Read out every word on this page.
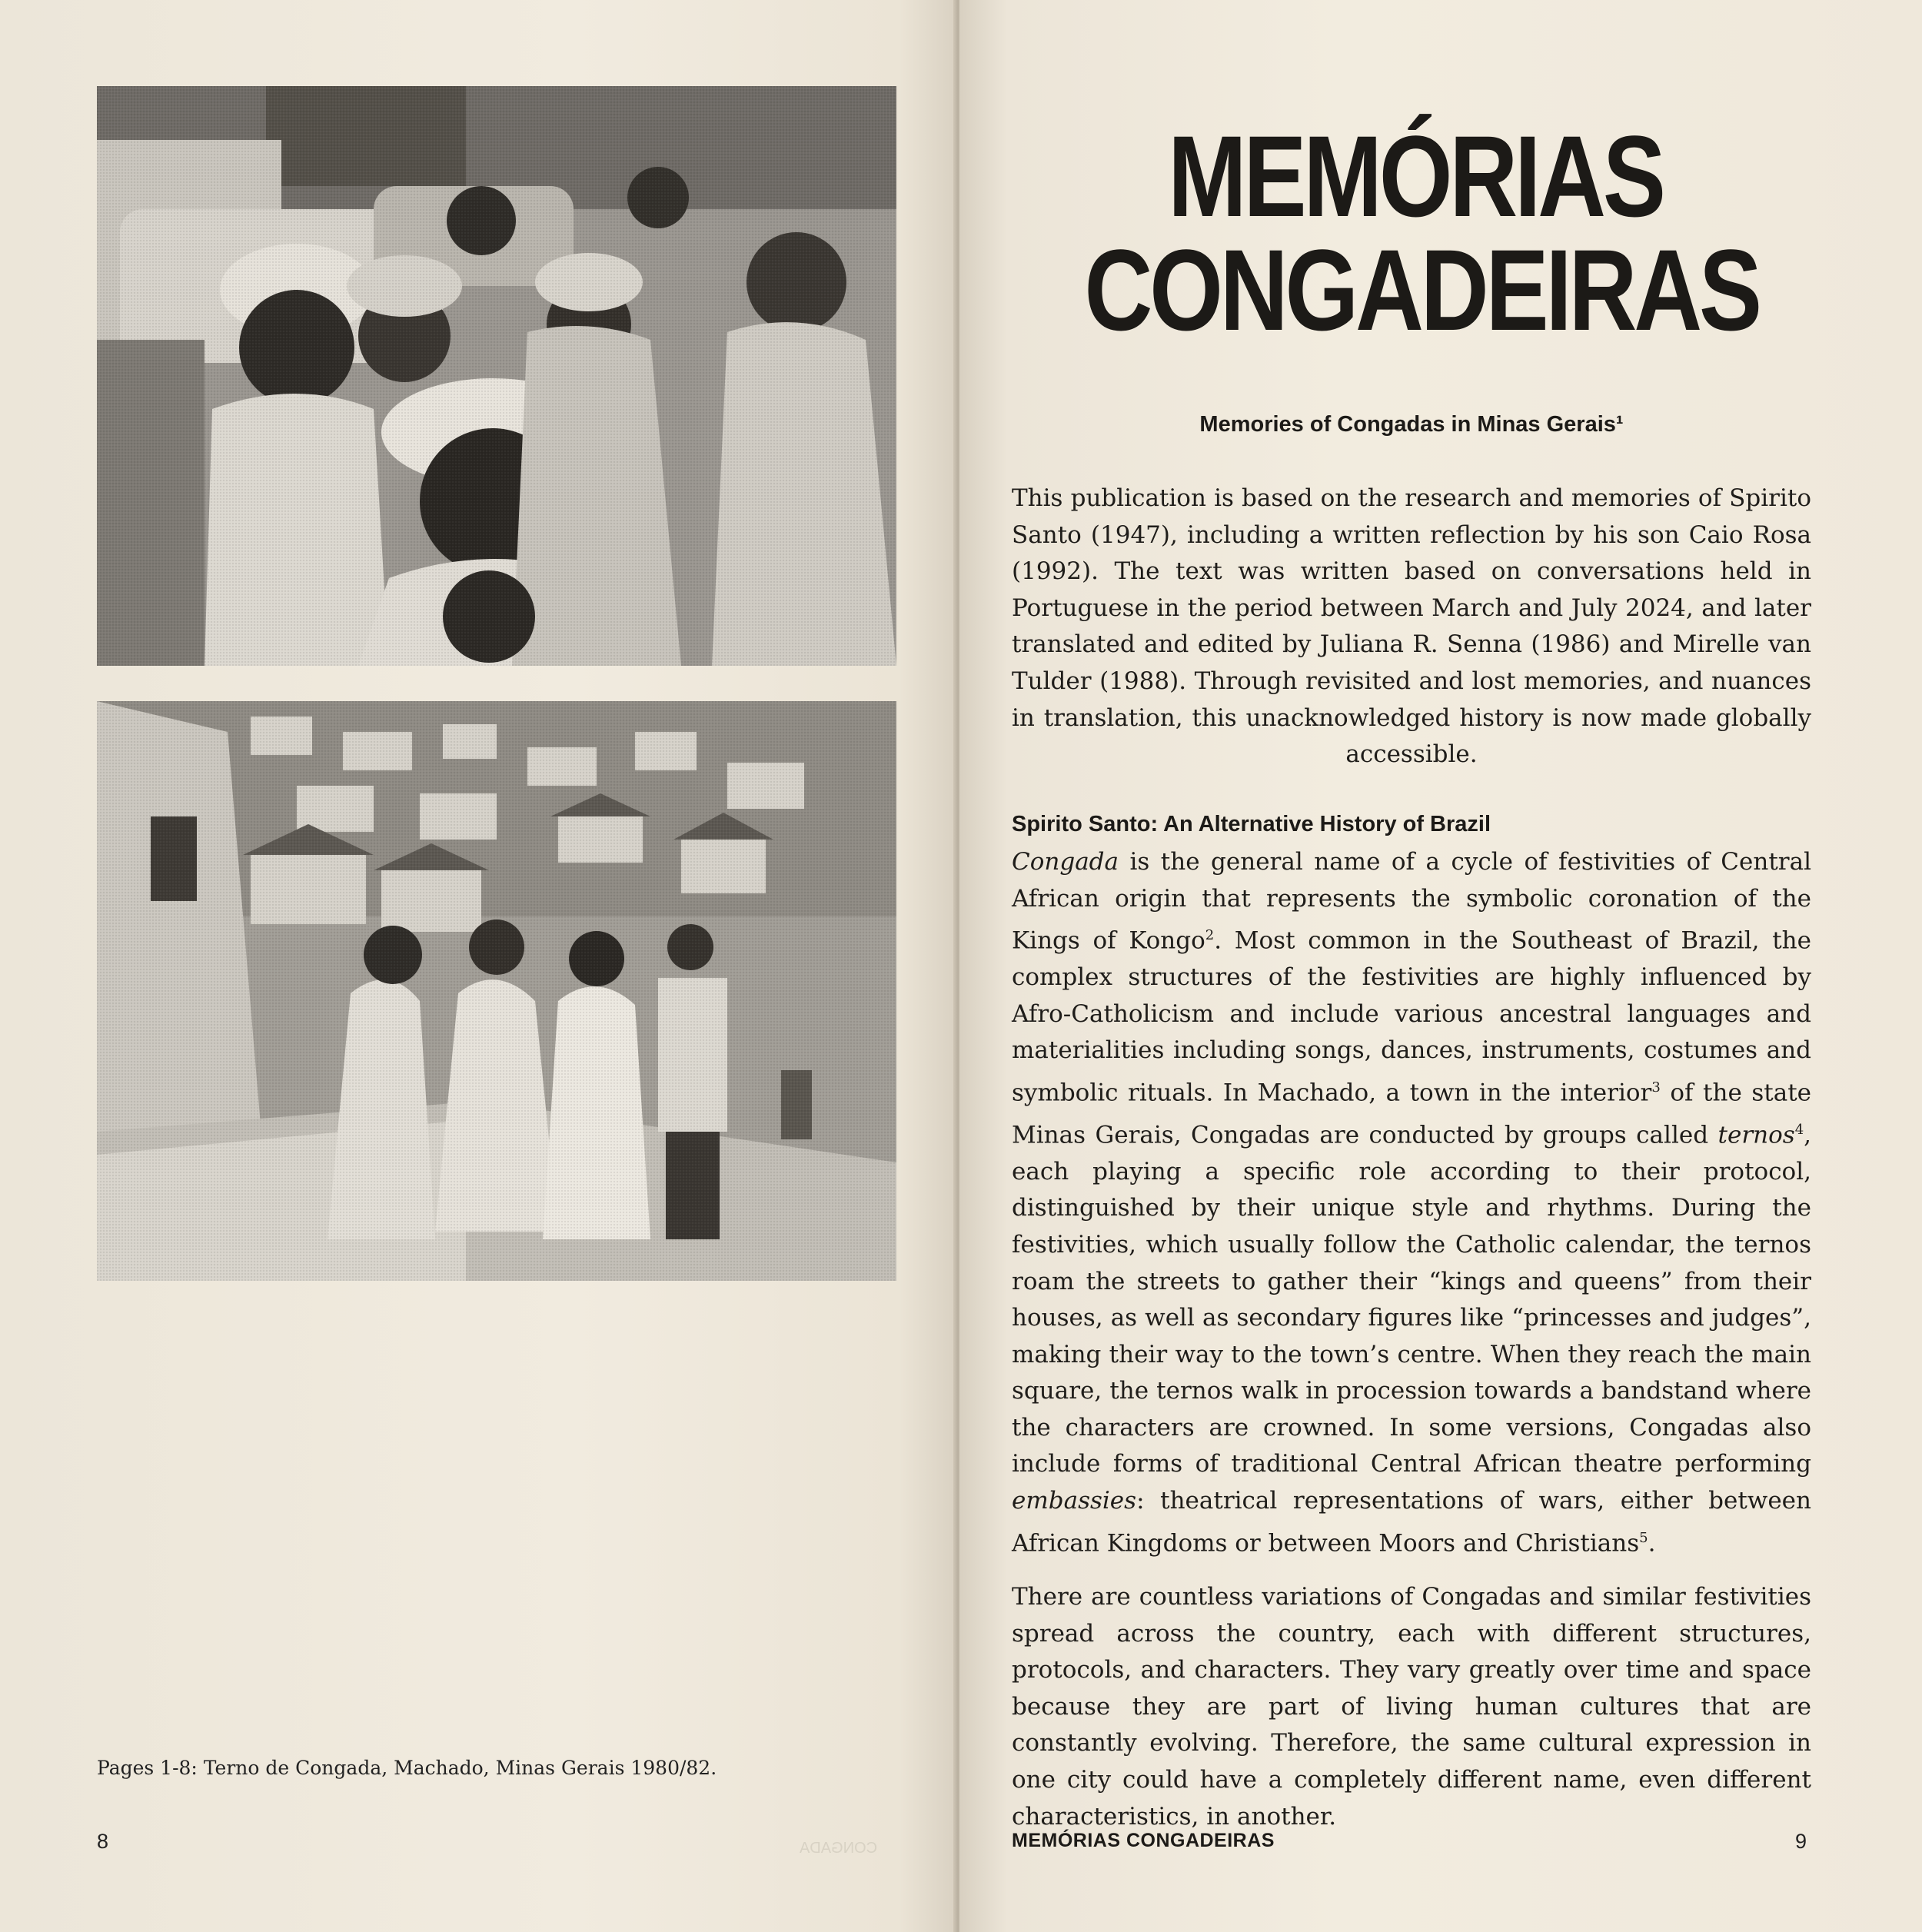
Pages 1-8: Terno de Congada, Machado, Minas Gerais 1980/82.
8	CONGADA
MEMÓRIAS
CONGADEIRAS
Memories of Congadas in Minas Gerais¹
This publication is based on the research and memories of Spirito Santo (1947), including a written reflection by his son Caio Rosa (1992). The text was written based on conversations held in Portuguese in the period between March and July 2024, and later translated and edited by Juliana R. Senna (1986) and Mirelle van Tulder (1988). Through revisited and lost memories, and nuances in translation, this unacknowledged history is now made globally accessible.
Spirito Santo: An Alternative History of Brazil

Congada is the general name of a cycle of festivities of Central African origin that represents the symbolic coronation of the Kings of Kongo$^2$. Most common in the Southeast of Brazil, the complex structures of the festivities are highly influenced by Afro-Catholicism and include various ancestral languages and materialities including songs, dances, instruments, costumes and symbolic rituals. In Machado, a town in the interior$^3$ of the state Minas Gerais, Congadas are conducted by groups called ternos$^4$, each playing a specific role according to their protocol, distinguished by their unique style and rhythms. During the festivities, which usually follow the Catholic calendar, the ternos roam the streets to gather their “kings and queens” from their houses, as well as secondary figures like “princesses and judges”, making their way to the town’s centre. When they reach the main square, the ternos walk in procession towards a bandstand where the characters are crowned. In some versions, Congadas also include forms of traditional Central African theatre performing embassies: theatrical representations of wars, either between African Kingdoms or between Moors and Christians$^5$.

There are countless variations of Congadas and similar festivities spread across the country, each with different structures, protocols, and characters. They vary greatly over time and space because they are part of living human cultures that are constantly evolving. Therefore, the same cultural expression in one city could have a completely different name, even different characteristics, in another.
MEMÓRIAS CONGADEIRAS	9
